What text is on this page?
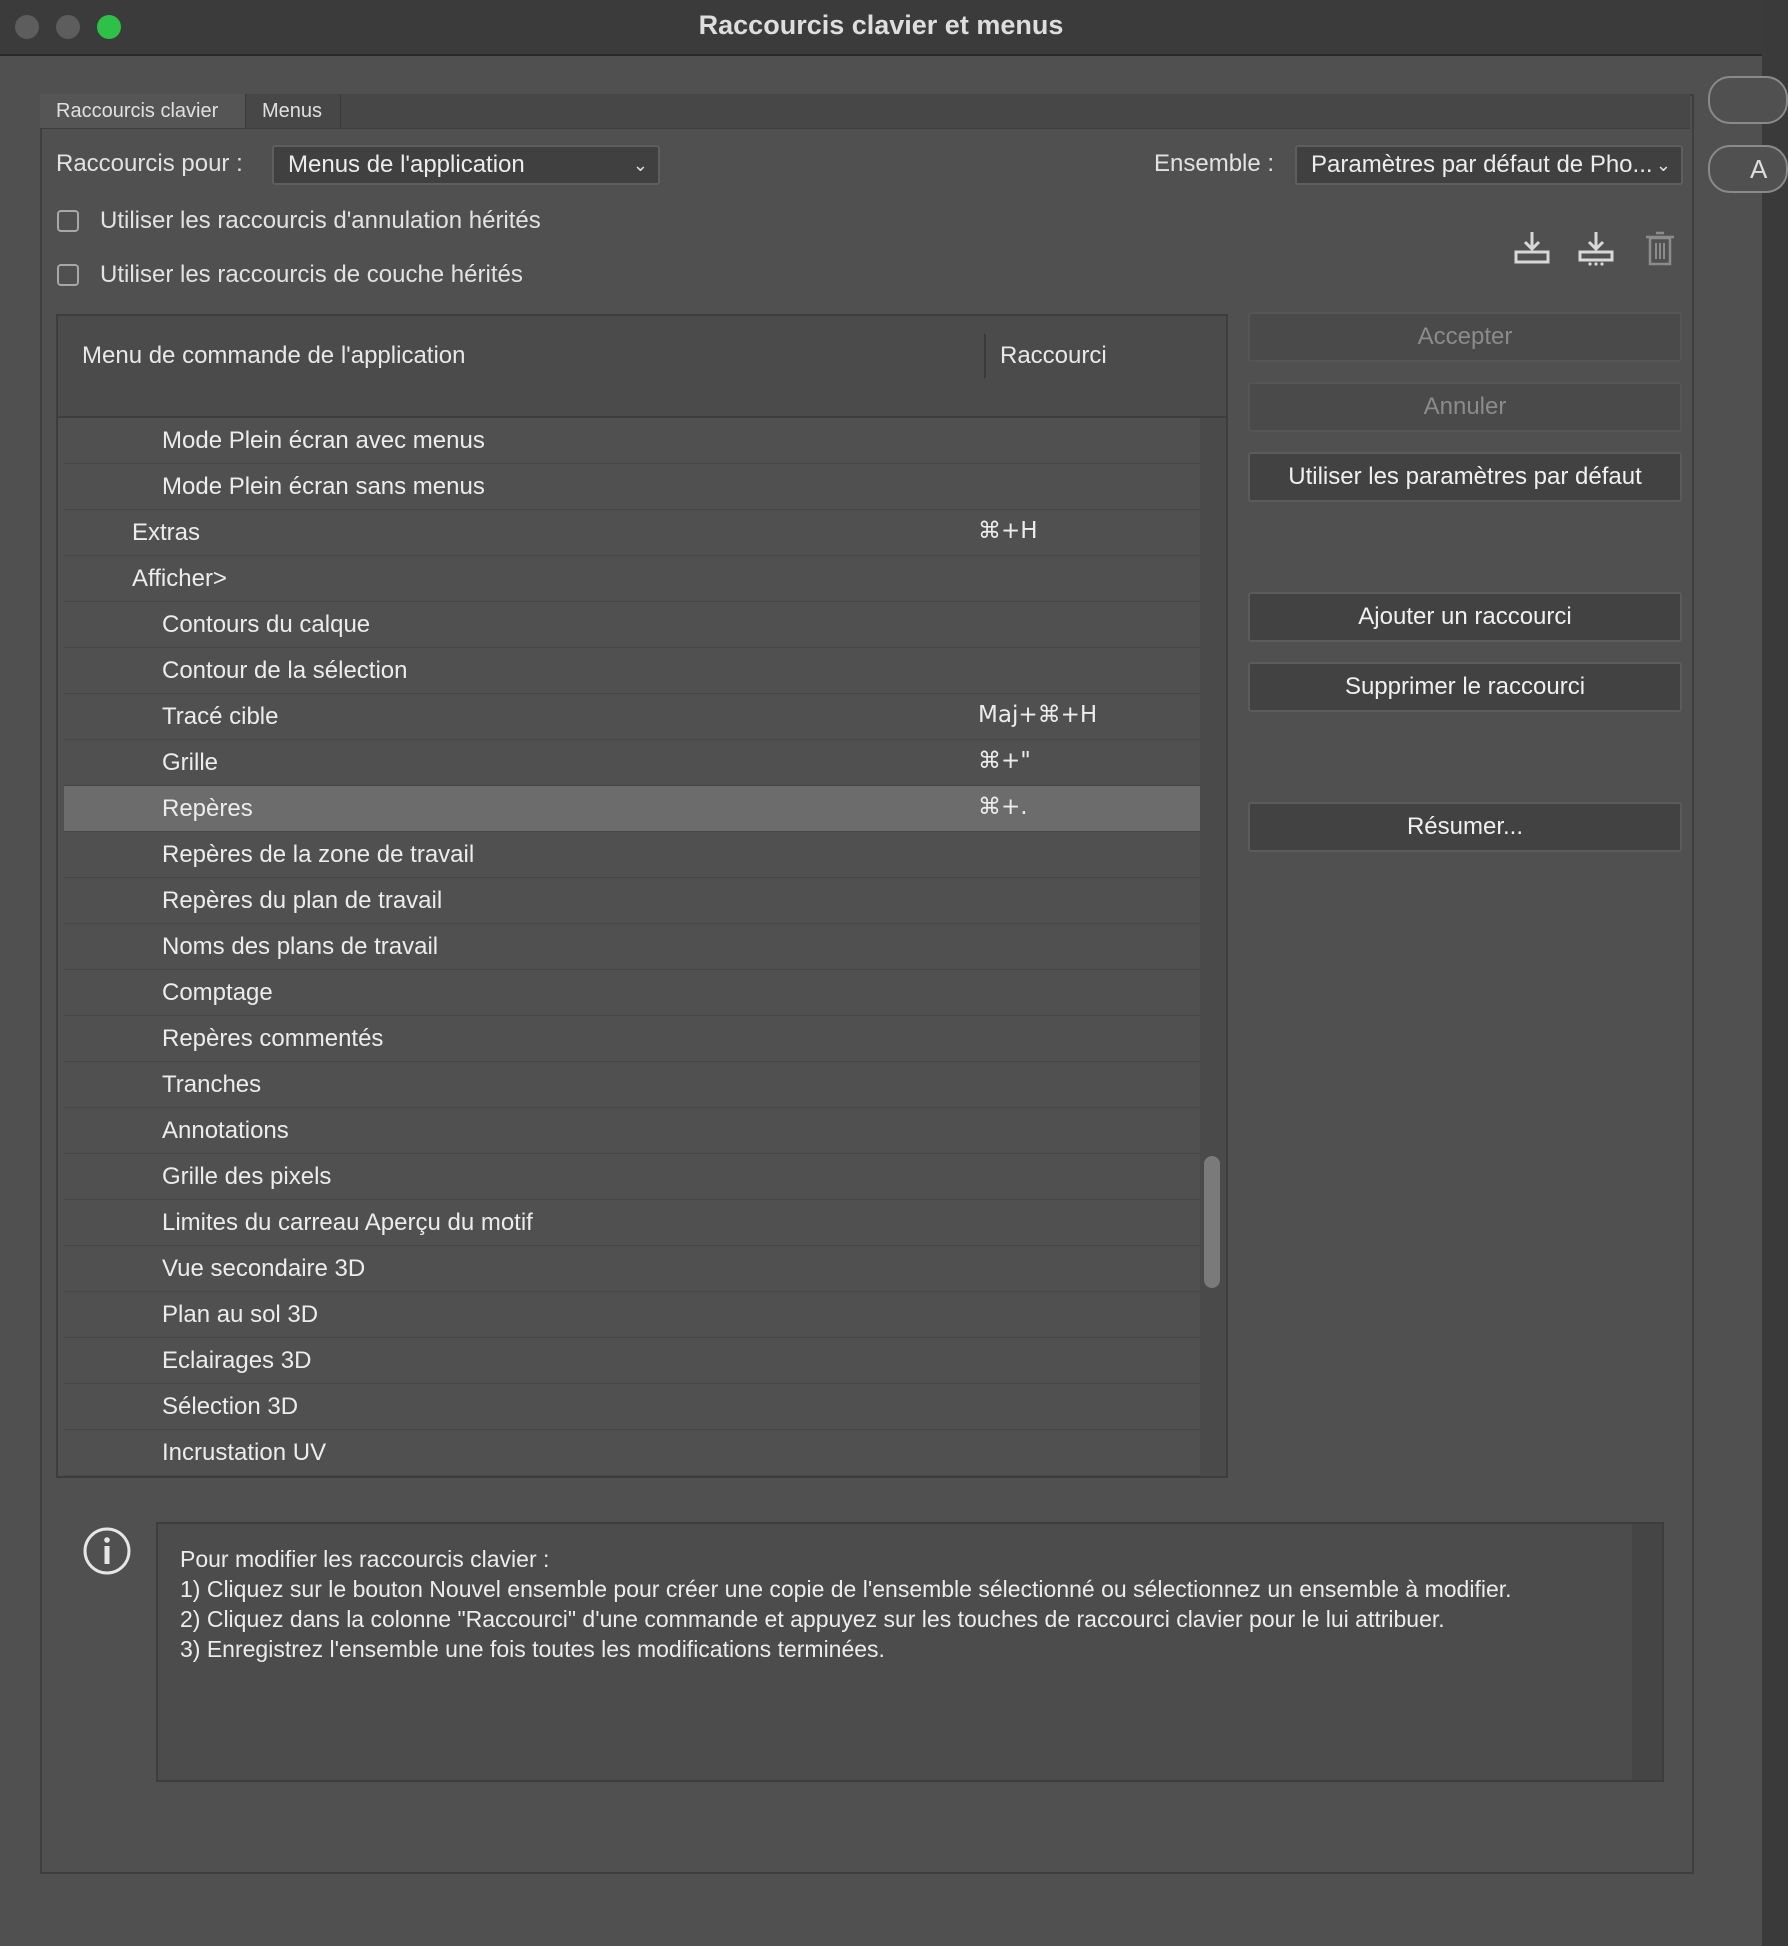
Raccourcis clavier et menus
A
Raccourcis clavier	Menus
Raccourcis pour :	Menus de l'application	⌄	Ensemble :	Paramètres par défaut de Pho... ⌄
Utiliser les raccourcis d'annulation hérités
Utiliser les raccourcis de couche hérités
Menu de commande de l'application	Raccourci
Mode Plein écran avec menus
Mode Plein écran sans menus
Extras	⌘+H
Afficher>
Contours du calque
Contour de la sélection
Tracé cible	Maj+⌘+H
Grille	⌘+"
Repères	⌘+.
Repères de la zone de travail
Repères du plan de travail
Noms des plans de travail
Comptage
Repères commentés
Tranches
Annotations
Grille des pixels
Limites du carreau Aperçu du motif
Vue secondaire 3D
Plan au sol 3D
Eclairages 3D
Sélection 3D
Incrustation UV
Accepter
Annuler
Utiliser les paramètres par défaut
Ajouter un raccourci
Supprimer le raccourci
Résumer...
Pour modifier les raccourcis clavier :
1) Cliquez sur le bouton Nouvel ensemble pour créer une copie de l'ensemble sélectionné ou sélectionnez un ensemble à modifier.
2) Cliquez dans la colonne "Raccourci" d'une commande et appuyez sur les touches de raccourci clavier pour le lui attribuer.
3) Enregistrez l'ensemble une fois toutes les modifications terminées.
